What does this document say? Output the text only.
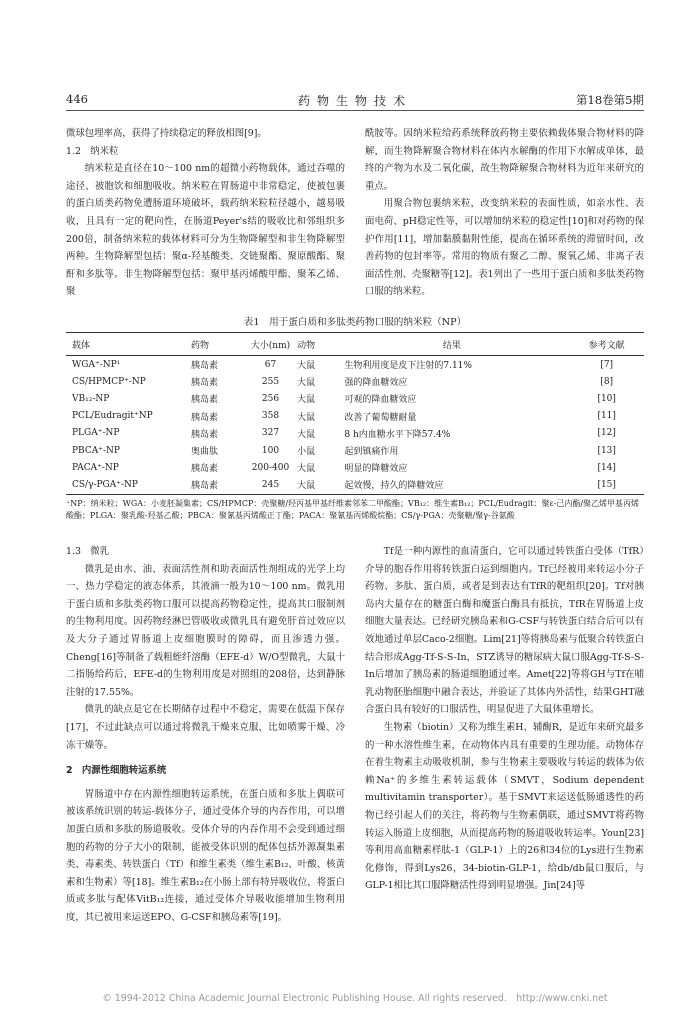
446	药物生物技术	第18卷第5期

微球包埋率高，获得了持续稳定的释放相图[9]。

1.2　纳米粒

纳米粒是直径在10～100 nm的超微小药物载体，通过吞噬的途径、被胞饮和细胞吸收。纳米粒在胃肠道中非常稳定，使被包裹的蛋白质类药物免遭肠道环境破坏，载药纳米粒粒径越小，越易吸收，且具有一定的靶向性，在肠道Peyer's结的吸收比和邻组织多200倍，制备纳米粒的载体材料可分为生物降解型和非生物降解型两种。生物降解型包括：聚α-羟基酸类、交链聚酯、聚原酸酯、聚酐和多肽等。非生物降解型包括：聚甲基丙烯酸甲酯、聚苯乙烯、聚

酰胺等。因纳米粒给药系统释放药物主要依赖载体聚合物材料的降解，而生物降解聚合物材料在体内水解酶的作用下水解成单体，最终的产物为水及二氧化碳，故生物降解聚合物材料为近年来研究的重点。

用聚合物包裹纳米粒，改变纳米粒的表面性质，如亲水性、表面电荷、pH稳定性等，可以增加纳米粒的稳定性[10]和对药物的保护作用[11]，增加黏膜黏附性能，提高在循环系统的滞留时间，改善药物的包封率等。常用的物质有聚乙二醇、聚氧乙烯、非离子表面活性剂、壳聚糖等[12]。表1列出了一些用于蛋白质和多肽类药物口服的纳米粒。

表1　用于蛋白质和多肽类药物口服的纳米粒（NP）
载体	药物	大小(nm)	动物	结果	参考文献
WGA⁺-NP¹	胰岛素	67	大鼠	生物利用度是皮下注射的7.11%	[7]
CS/HPMCP⁺-NP	胰岛素	255	大鼠	强的降血糖效应	[8]
VB₁₂-NP	胰岛素	256	大鼠	可观的降血糖效应	[10]
PCL/Eudragit⁺NP	胰岛素	358	大鼠	改善了葡萄糖耐量	[11]
PLGA⁺-NP	胰岛素	327	大鼠	8 h内血糖水平下降57.4%	[12]
PBCA⁺-NP	奥曲肽	100	小鼠	起到镇痛作用	[13]
PACA⁺-NP	胰岛素	200-400	大鼠	明显的降糖效应	[14]
CS/γ-PGA⁺-NP	胰岛素	245	大鼠	起效慢，持久的降糖效应	[15]
⁺NP：纳米粒；WGA：小麦胚凝集素；CS/HPMCP：壳聚糖/羟丙基甲基纤维素邻苯二甲酸酯；VB₁₂：维生素B₁₂；PCL/Eudragit：聚ε-己内酯/聚乙烯甲基丙烯酸酯；PLGA：聚乳酸-羟基乙酸；PBCA：聚氰基丙烯酸正丁酯；PACA：聚氰基丙烯酸烷酯；CS/γ-PGA：壳聚糖/聚γ-谷氨酸

1.3　微乳

微乳是由水、油、表面活性剂和助表面活性剂组成的光学上均一、热力学稳定的液态体系，其液滴一般为10～100 nm。微乳用于蛋白质和多肽类药物口服可以提高药物稳定性，提高其口服制剂的生物利用度。因药物经淋巴管吸收或微乳具有避免肝首过效应以及大分子通过胃肠道上皮细胞膜时的障碍，而且渗透力强。Cheng[16]等制备了载粗蛭纤溶酶（EFE-d）W/O型微乳，大鼠十二指肠给药后，EFE-d的生物利用度是对照组的208倍，达到静脉注射的17.55%。

微乳的缺点是它在长期储存过程中不稳定，需要在低温下保存[17]，不过此缺点可以通过将微乳干燥来克服，比如喷雾干燥、冷冻干燥等。

2　内源性细胞转运系统

胃肠道中存在内源性细胞转运系统，在蛋白质和多肽上偶联可被该系统识别的转运-载体分子，通过受体介导的内吞作用，可以增加蛋白质和多肽的肠道吸收。受体介导的内吞作用不会受到通过细胞的药物的分子大小的限制，能被受体识别的配体包括外源凝集素类、毒素类、转铁蛋白（Tf）和维生素类（维生素B₁₂、叶酸、核黄素和生物素）等[18]。维生素B₁₂在小肠上部有特异吸收位，将蛋白质或多肽与配体VitB₁₂连接，通过受体介导吸收能增加生物利用度，其已被用来运送EPO、G-CSF和胰岛素等[19]。

Tf是一种内源性的血清蛋白，它可以通过转铁蛋白受体（TfR）介导的胞吞作用将转铁蛋白运到细胞内。Tf已经被用来转运小分子药物、多肽、蛋白质，或者是到表达有TfR的靶组织[20]。Tf对胰岛内大量存在的糖蛋白酶和魔蛋白酶具有抵抗，TfR在胃肠道上皮细胞大量表达。已经研究胰岛素和G-CSF与转铁蛋白结合后可以有效地通过单层Caco-2细胞。Lim[21]等将胰岛素与低聚合转铁蛋白结合形成Agg-Tf-S-S-In，STZ诱导的糖尿病大鼠口服Agg-Tf-S-S-In后增加了胰岛素的肠道细胞通过率。Amet[22]等将GH与Tf在哺乳动物胚胎细胞中融合表达，并验证了其体内外活性，结果GHT融合蛋白具有较好的口服活性，明显促进了大鼠体重增长。

生物素（biotin）又称为维生素H、辅酶R，是近年来研究最多的一种水溶性维生素，在动物体内具有重要的生理功能。动物体存在着生物素主动吸收机制，参与生物素主要吸收与转运的载体为依赖Na⁺的多维生素转运载体（SMVT，Sodium dependent multivitamin transporter）。基于SMVT来运送低肠通透性的药物已经引起人们的关注，将药物与生物素偶联，通过SMVT将药物转运入肠道上皮细胞，从而提高药物的肠道吸收转运率。Youn[23]等利用高血糖素样肽-1（GLP-1）上的26和34位的Lys进行生物素化修饰，得到Lys26，34-biotin-GLP-1，给db/db鼠口服后，与GLP-1相比其口服降糖活性得到明显增强。Jin[24]等

© 1994-2012 China Academic Journal Electronic Publishing House. All rights reserved.　http://www.cnki.net
